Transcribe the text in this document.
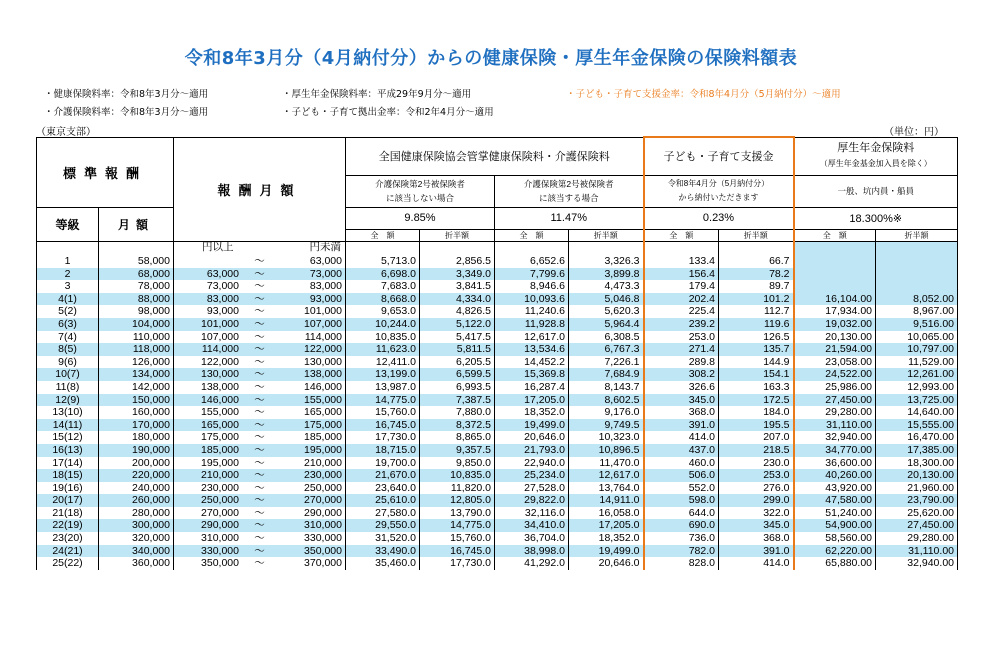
令和8年3月分（4月納付分）からの健康保険・厚生年金保険の保険料額表
・健康保険料率：令和8年3月分～適用	・厚生年金保険料率：平成29年9月分～適用	・子ども・子育て支援金率：令和8年4月分（5月納付分）～適用
・介護保険料率：令和8年3月分～適用	・子ども・子育て拠出金率：令和2年4月分～適用
（東京支部）	（単位：円）
標準報酬		報酬月額	全国健康保険協会管掌健康保険料・介護保険料				子ども・子育て支援金		厚生年金保険料
（厚生年金基金加入員を除く）	

			介護保険第2号被保険者
に該当しない場合		介護保険第2号被保険者
に該当する場合		令和8年4月分（5月納付分）
から納付いただきます		一般、坑内員・船員	
等級	月額		9.85%		11.47%		0.23%		18.300%※	
			全　額	折半額	全　額	折半額	全　額	折半額	全　額	折半額

		円以上 円未満								

1	58,000	～ 63,000	5,713.0	2,856.5	6,652.6	3,326.3	133.4	66.7		
2	68,000	63,000 ～ 73,000	6,698.0	3,349.0	7,799.6	3,899.8	156.4	78.2		
3	78,000	73,000 ～ 83,000	7,683.0	3,841.5	8,946.6	4,473.3	179.4	89.7		
4(1)	88,000	83,000 ～ 93,000	8,668.0	4,334.0	10,093.6	5,046.8	202.4	101.2	16,104.00	8,052.00
5(2)	98,000	93,000 ～ 101,000	9,653.0	4,826.5	11,240.6	5,620.3	225.4	112.7	17,934.00	8,967.00
6(3)	104,000	101,000 ～ 107,000	10,244.0	5,122.0	11,928.8	5,964.4	239.2	119.6	19,032.00	9,516.00
7(4)	110,000	107,000 ～ 114,000	10,835.0	5,417.5	12,617.0	6,308.5	253.0	126.5	20,130.00	10,065.00
8(5)	118,000	114,000 ～ 122,000	11,623.0	5,811.5	13,534.6	6,767.3	271.4	135.7	21,594.00	10,797.00
9(6)	126,000	122,000 ～ 130,000	12,411.0	6,205.5	14,452.2	7,226.1	289.8	144.9	23,058.00	11,529.00
10(7)	134,000	130,000 ～ 138,000	13,199.0	6,599.5	15,369.8	7,684.9	308.2	154.1	24,522.00	12,261.00
11(8)	142,000	138,000 ～ 146,000	13,987.0	6,993.5	16,287.4	8,143.7	326.6	163.3	25,986.00	12,993.00
12(9)	150,000	146,000 ～ 155,000	14,775.0	7,387.5	17,205.0	8,602.5	345.0	172.5	27,450.00	13,725.00
13(10)	160,000	155,000 ～ 165,000	15,760.0	7,880.0	18,352.0	9,176.0	368.0	184.0	29,280.00	14,640.00
14(11)	170,000	165,000 ～ 175,000	16,745.0	8,372.5	19,499.0	9,749.5	391.0	195.5	31,110.00	15,555.00
15(12)	180,000	175,000 ～ 185,000	17,730.0	8,865.0	20,646.0	10,323.0	414.0	207.0	32,940.00	16,470.00
16(13)	190,000	185,000 ～ 195,000	18,715.0	9,357.5	21,793.0	10,896.5	437.0	218.5	34,770.00	17,385.00
17(14)	200,000	195,000 ～ 210,000	19,700.0	9,850.0	22,940.0	11,470.0	460.0	230.0	36,600.00	18,300.00
18(15)	220,000	210,000 ～ 230,000	21,670.0	10,835.0	25,234.0	12,617.0	506.0	253.0	40,260.00	20,130.00
19(16)	240,000	230,000 ～ 250,000	23,640.0	11,820.0	27,528.0	13,764.0	552.0	276.0	43,920.00	21,960.00
20(17)	260,000	250,000 ～ 270,000	25,610.0	12,805.0	29,822.0	14,911.0	598.0	299.0	47,580.00	23,790.00
21(18)	280,000	270,000 ～ 290,000	27,580.0	13,790.0	32,116.0	16,058.0	644.0	322.0	51,240.00	25,620.00
22(19)	300,000	290,000 ～ 310,000	29,550.0	14,775.0	34,410.0	17,205.0	690.0	345.0	54,900.00	27,450.00
23(20)	320,000	310,000 ～ 330,000	31,520.0	15,760.0	36,704.0	18,352.0	736.0	368.0	58,560.00	29,280.00
24(21)	340,000	330,000 ～ 350,000	33,490.0	16,745.0	38,998.0	19,499.0	782.0	391.0	62,220.00	31,110.00
25(22)	360,000	350,000 ～ 370,000	35,460.0	17,730.0	41,292.0	20,646.0	828.0	414.0	65,880.00	32,940.00
